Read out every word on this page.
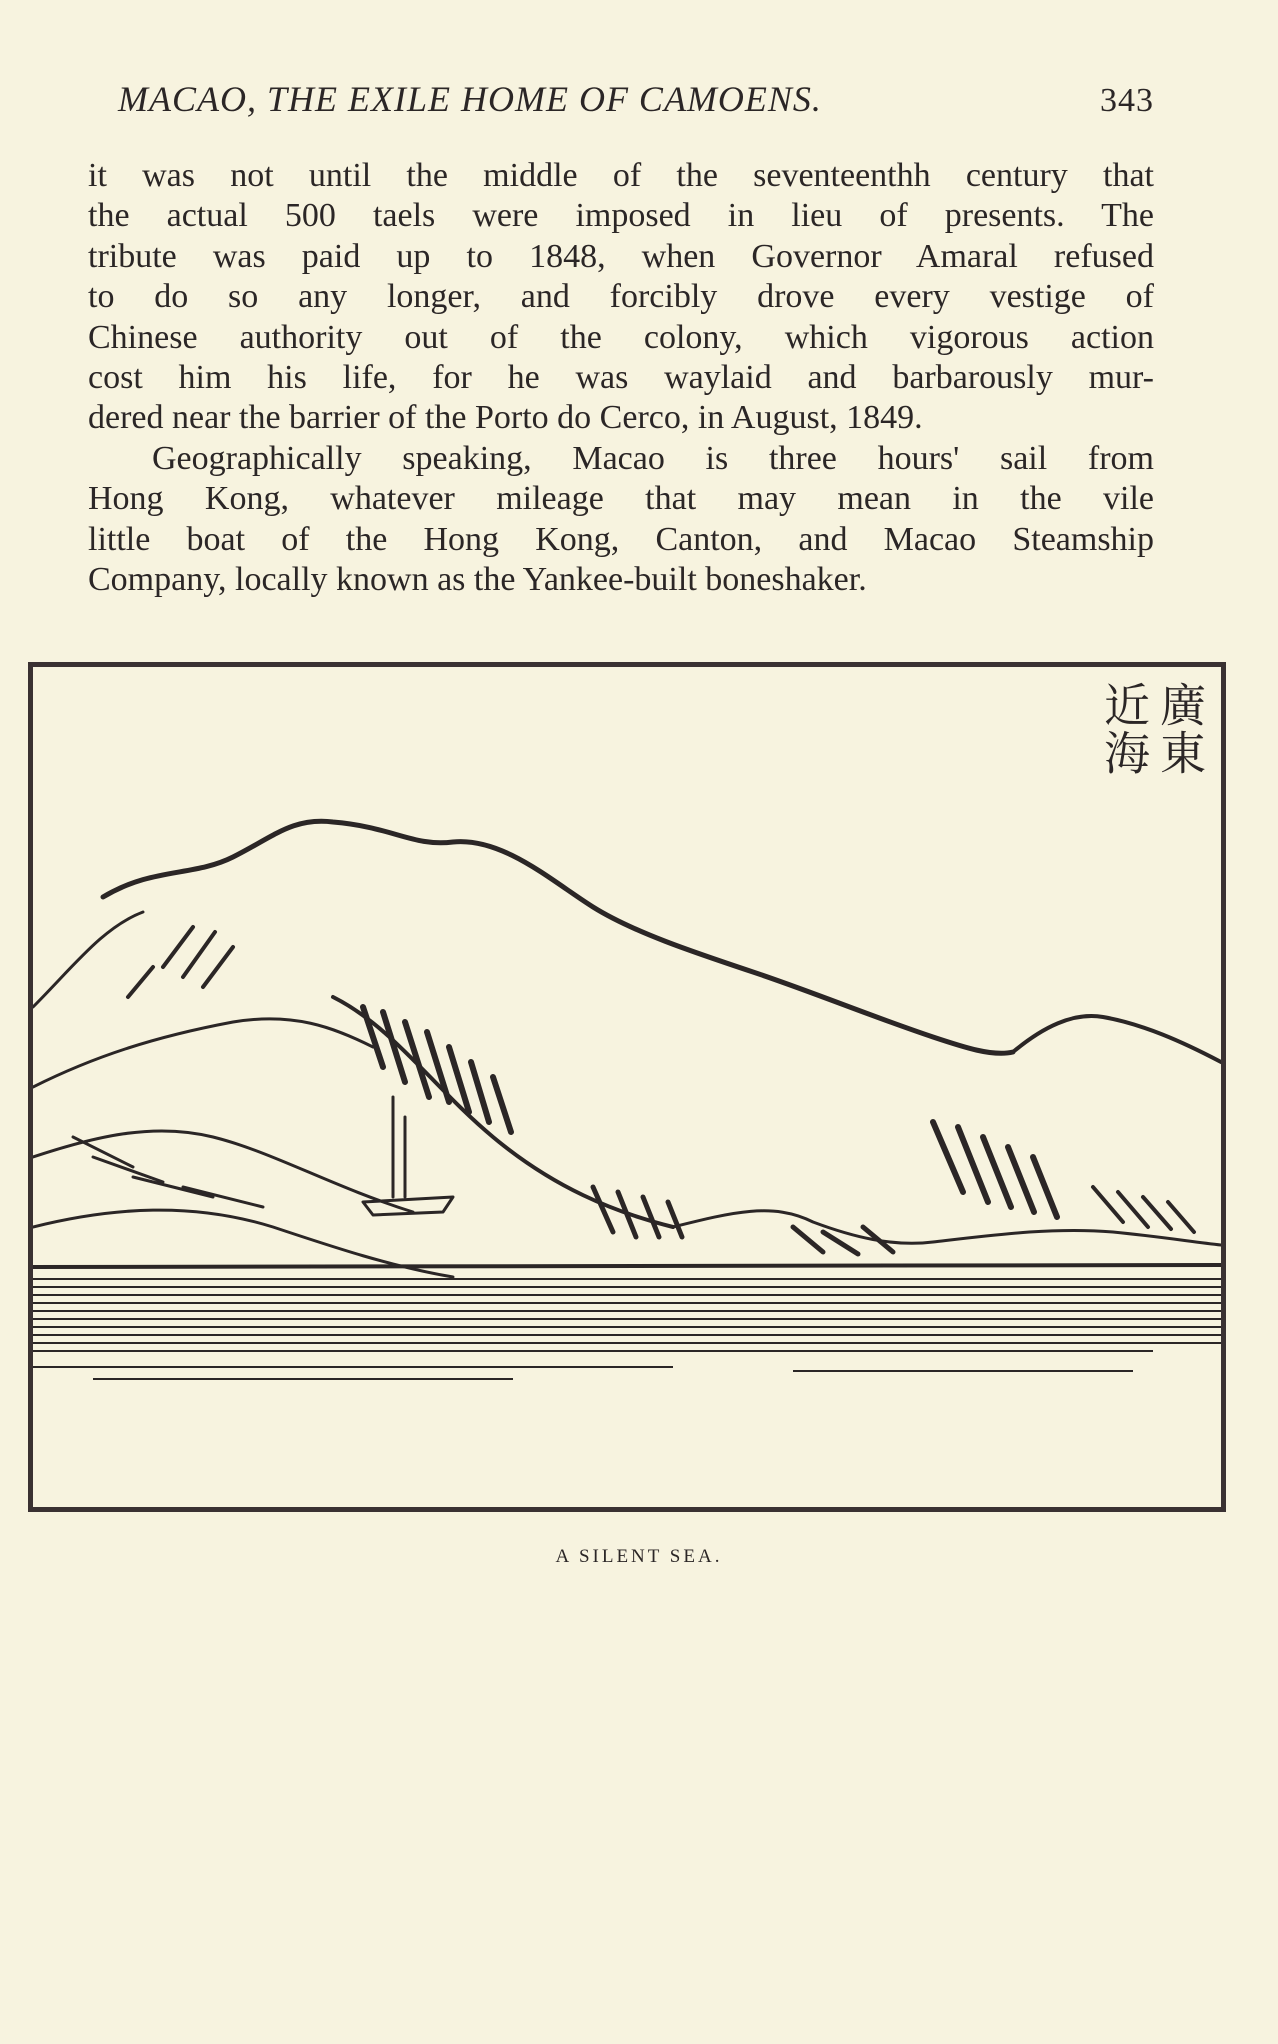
MACAO, THE EXILE HOME OF CAMOENS.	343

it was not until the middle of the seventeenthh century that
the actual 500 taels were imposed in lieu of presents. The
tribute was paid up to 1848, when Governor Amaral refused
to do so any longer, and forcibly drove every vestige of
Chinese authority out of the colony, which vigorous action
cost him his life, for he was waylaid and barbarously mur-
dered near the barrier of the Porto do Cerco, in August, 1849.

Geographically speaking, Macao is three hours' sail from
Hong Kong, whatever mileage that may mean in the vile
little boat of the Hong Kong, Canton, and Macao Steamship
Company, locally known as the Yankee-built boneshaker.

廣東
近海
A SILENT SEA.
